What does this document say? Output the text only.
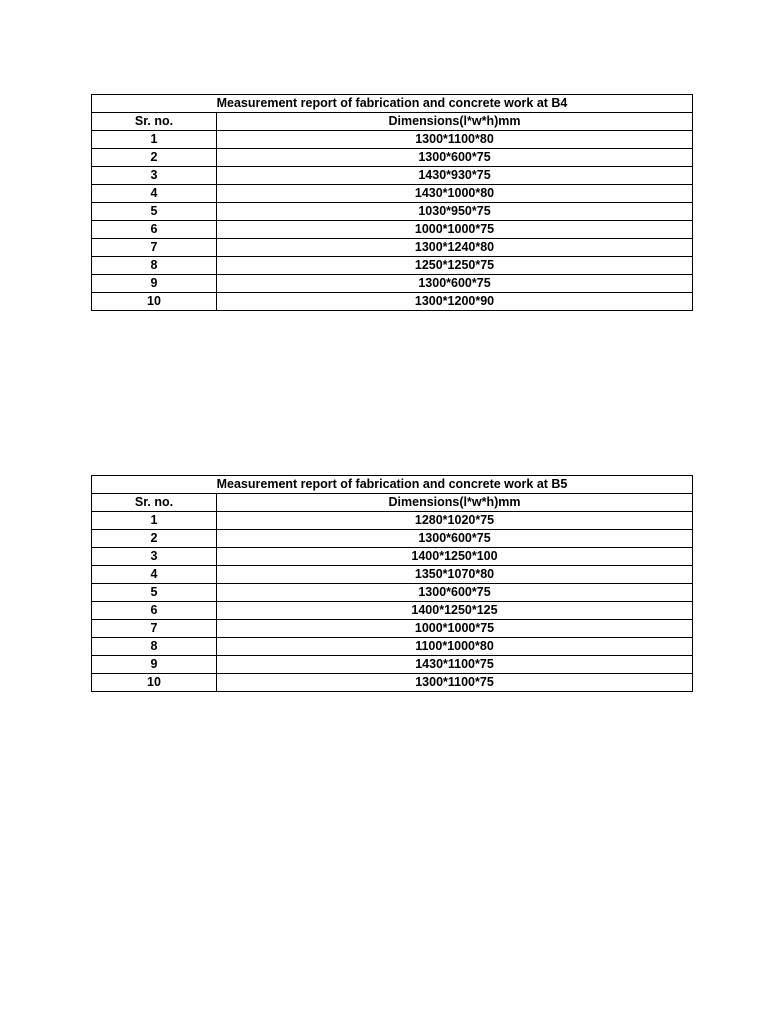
Measurement report of fabrication and concrete work at B4	
Sr. no.	Dimensions(l*w*h)mm
1	1300*1100*80
2	1300*600*75
3	1430*930*75
4	1430*1000*80
5	1030*950*75
6	1000*1000*75
7	1300*1240*80
8	1250*1250*75
9	1300*600*75
10	1300*1200*90
Measurement report of fabrication and concrete work at B5	
Sr. no.	Dimensions(l*w*h)mm
1	1280*1020*75
2	1300*600*75
3	1400*1250*100
4	1350*1070*80
5	1300*600*75
6	1400*1250*125
7	1000*1000*75
8	1100*1000*80
9	1430*1100*75
10	1300*1100*75
